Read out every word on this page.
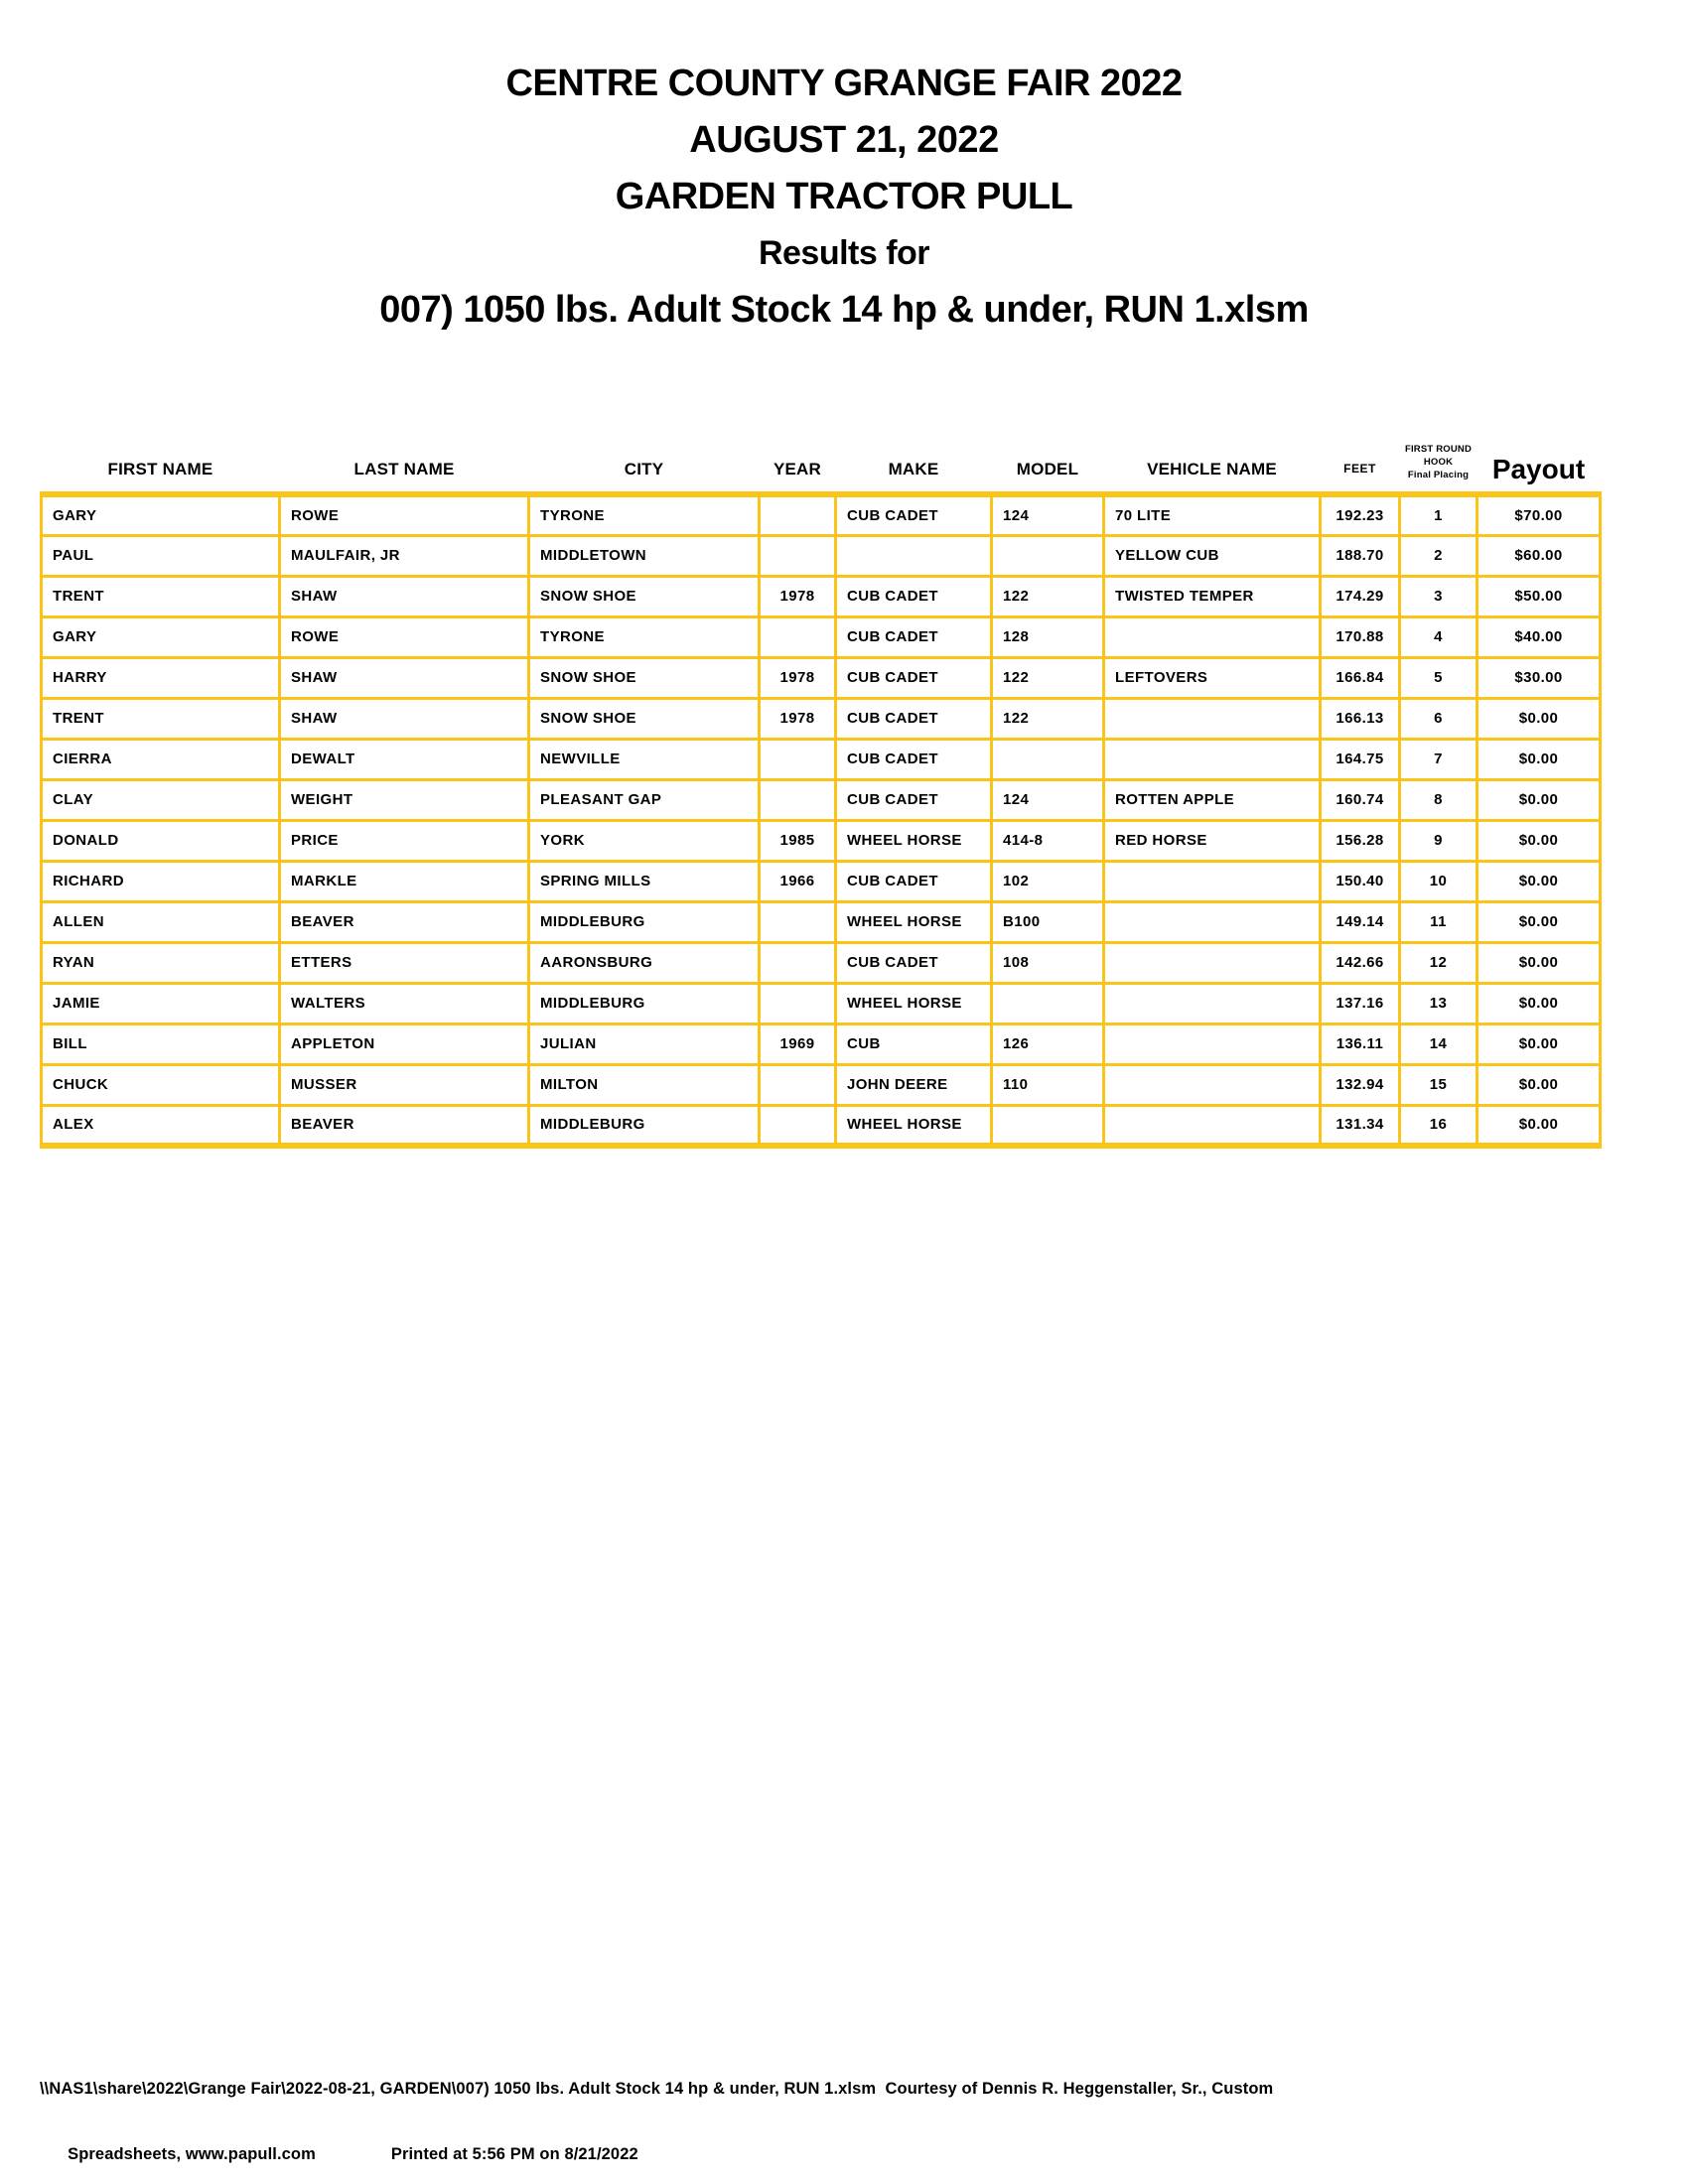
CENTRE COUNTY GRANGE FAIR 2022
AUGUST 21, 2022
GARDEN TRACTOR PULL
Results for
007) 1050 lbs. Adult Stock 14 hp & under, RUN 1.xlsm
FIRST NAME	LAST NAME	CITY	YEAR	MAKE	MODEL	VEHICLE NAME	FEET	FIRST ROUND
HOOK
Final Placing	Payout
GARY	ROWE	TYRONE		CUB CADET	124	70 LITE	192.23	1	$70.00
PAUL	MAULFAIR, JR	MIDDLETOWN				YELLOW CUB	188.70	2	$60.00
TRENT	SHAW	SNOW SHOE	1978	CUB CADET	122	TWISTED TEMPER	174.29	3	$50.00
GARY	ROWE	TYRONE		CUB CADET	128		170.88	4	$40.00
HARRY	SHAW	SNOW SHOE	1978	CUB CADET	122	LEFTOVERS	166.84	5	$30.00
TRENT	SHAW	SNOW SHOE	1978	CUB CADET	122		166.13	6	$0.00
CIERRA	DEWALT	NEWVILLE		CUB CADET			164.75	7	$0.00
CLAY	WEIGHT	PLEASANT GAP		CUB CADET	124	ROTTEN APPLE	160.74	8	$0.00
DONALD	PRICE	YORK	1985	WHEEL HORSE	414-8	RED HORSE	156.28	9	$0.00
RICHARD	MARKLE	SPRING MILLS	1966	CUB CADET	102		150.40	10	$0.00
ALLEN	BEAVER	MIDDLEBURG		WHEEL HORSE	B100		149.14	11	$0.00
RYAN	ETTERS	AARONSBURG		CUB CADET	108		142.66	12	$0.00
JAMIE	WALTERS	MIDDLEBURG		WHEEL HORSE			137.16	13	$0.00
BILL	APPLETON	JULIAN	1969	CUB	126		136.11	14	$0.00
CHUCK	MUSSER	MILTON		JOHN DEERE	110		132.94	15	$0.00
ALEX	BEAVER	MIDDLEBURG		WHEEL HORSE			131.34	16	$0.00
\\NAS1\share\2022\Grange Fair\2022-08-21, GARDEN\007) 1050 lbs. Adult Stock 14 hp & under, RUN 1.xlsm  Courtesy of Dennis R. Heggenstaller, Sr., Custom

Spreadsheets, www.papull.com	Printed at 5:56 PM on 8/21/2022
